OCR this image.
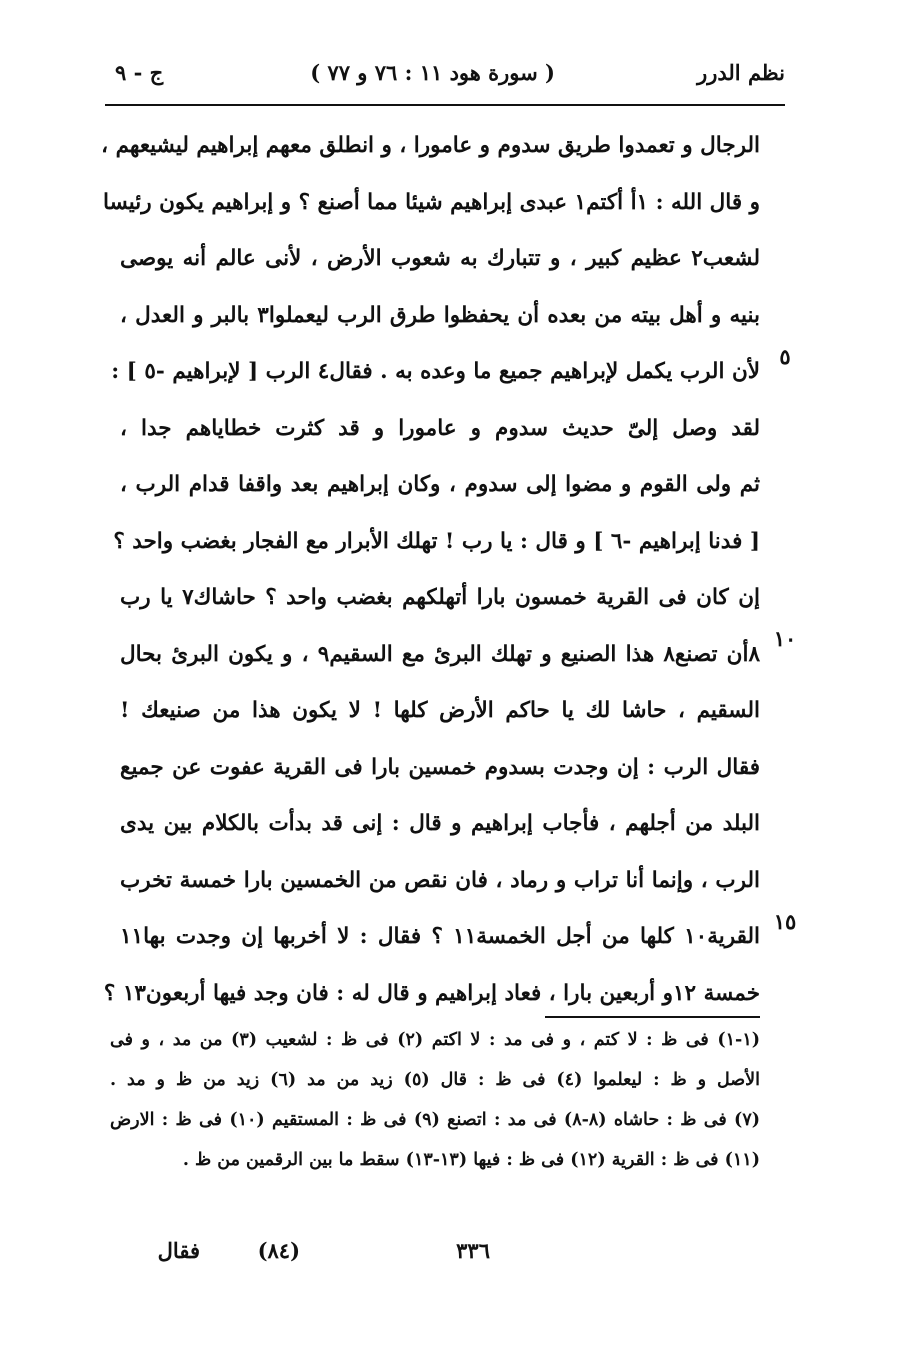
نظم الدرر
( سورة هود ١١ : ٧٦ و ٧٧ )
ج - ٩
الرجال و تعمدوا طريق سدوم و عامورا ، و انطلق معهم إبراهيم ليشيعهم ،
و قال الله : ١أ أكتم١ عبدى إبراهيم شيئا مما أصنع ؟ و إبراهيم يكون رئيسا
لشعب٢ عظيم كبير ، و تتبارك به شعوب الأرض ، لأنى عالم أنه يوصى
بنيه و أهل بيته من بعده أن يحفظوا طرق الرب ليعملوا٣ بالبر و العدل ،
لأن الرب يكمل لإبراهيم جميع ما وعده به . فقال٤ الرب [ لإبراهيم -٥ ] :
لقد وصل إلىّ حديث سدوم و عامورا و قد كثرت خطاياهم جدا ،
ثم ولى القوم و مضوا إلى سدوم ، وكان إبراهيم بعد واقفا قدام الرب ،
[ فدنا إبراهيم -٦ ] و قال : يا رب ! تهلك الأبرار مع الفجار بغضب واحد ؟
إن كان فى القرية خمسون بارا أتهلكهم بغضب واحد ؟ حاشاك٧ يا رب
٨أن تصنع٨ هذا الصنيع و تهلك البرئ مع السقيم٩ ، و يكون البرئ بحال
السقيم ، حاشا لك يا حاكم الأرض كلها ! لا يكون هذا من صنيعك !
فقال الرب : إن وجدت بسدوم خمسين بارا فى القرية عفوت عن جميع
البلد من أجلهم ، فأجاب إبراهيم و قال : إنى قد بدأت بالكلام بين يدى
الرب ، وإنما أنا تراب و رماد ، فان نقص من الخمسين بارا خمسة تخرب
القرية١٠ كلها من أجل الخمسة١١ ؟ فقال : لا أخربها إن وجدت بها١١
خمسة ١٢و أربعين بارا ، فعاد إبراهيم و قال له : فان وجد فيها أربعون١٣ ؟
٥
١٠
١٥
(١-١) فى ظ : لا كتم ، و فى مد : لا اكتم (٢) فى ظ : لشعيب (٣) من مد ، و فى
الأصل و ظ : ليعلموا (٤) فى ظ : قال (٥) زيد من مد (٦) زيد من ظ و مد .
(٧) فى ظ : حاشاه (٨-٨) فى مد : اتصنع (٩) فى ظ : المستقيم (١٠) فى ظ : الارض
(١١) فى ظ : القرية (١٢) فى ظ : فيها (١٣-١٣) سقط ما بين الرقمين من ظ .
٣٣٦
(٨٤)
فقال
